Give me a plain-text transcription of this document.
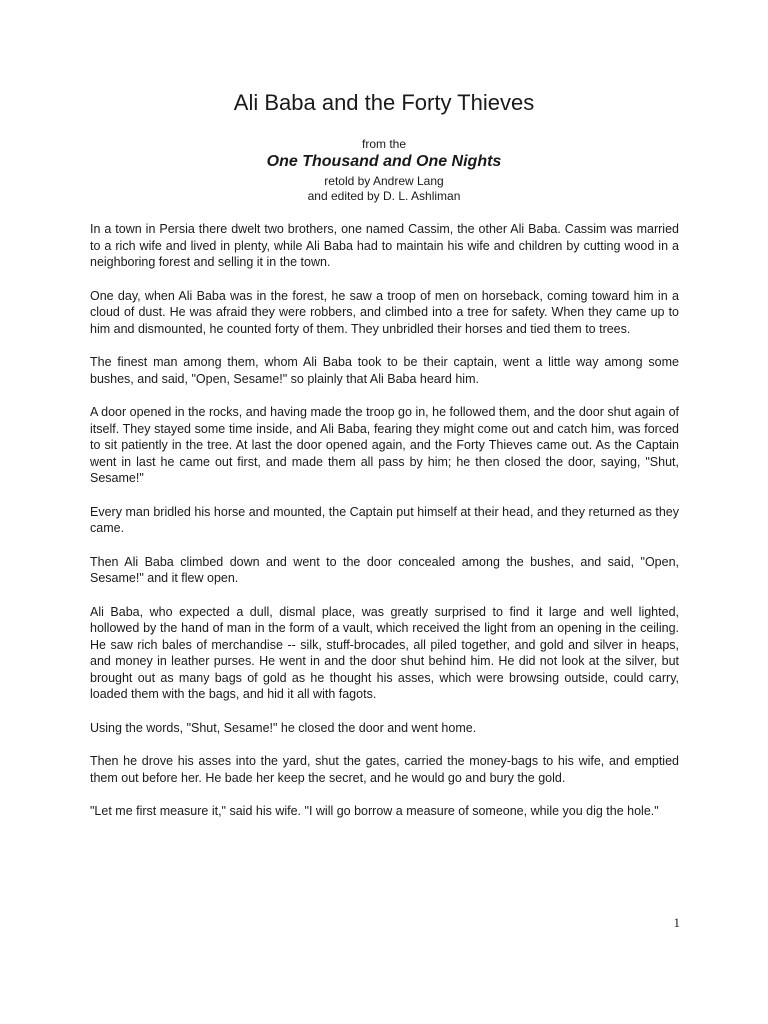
Ali Baba and the Forty Thieves
from the
One Thousand and One Nights
retold by Andrew Lang
and edited by D. L. Ashliman

In a town in Persia there dwelt two brothers, one named Cassim, the other Ali Baba. Cassim was married to a rich wife and lived in plenty, while Ali Baba had to maintain his wife and children by cutting wood in a neighboring forest and selling it in the town.

One day, when Ali Baba was in the forest, he saw a troop of men on horseback, coming toward him in a cloud of dust. He was afraid they were robbers, and climbed into a tree for safety. When they came up to him and dismounted, he counted forty of them. They unbridled their horses and tied them to trees.

The finest man among them, whom Ali Baba took to be their captain, went a little way among some bushes, and said, "Open, Sesame!" so plainly that Ali Baba heard him.

A door opened in the rocks, and having made the troop go in, he followed them, and the door shut again of itself. They stayed some time inside, and Ali Baba, fearing they might come out and catch him, was forced to sit patiently in the tree. At last the door opened again, and the Forty Thieves came out. As the Captain went in last he came out first, and made them all pass by him; he then closed the door, saying, "Shut, Sesame!"

Every man bridled his horse and mounted, the Captain put himself at their head, and they returned as they came.

Then Ali Baba climbed down and went to the door concealed among the bushes, and said, "Open, Sesame!" and it flew open.

Ali Baba, who expected a dull, dismal place, was greatly surprised to find it large and well lighted, hollowed by the hand of man in the form of a vault, which received the light from an opening in the ceiling. He saw rich bales of merchandise -- silk, stuff-brocades, all piled together, and gold and silver in heaps, and money in leather purses. He went in and the door shut behind him. He did not look at the silver, but brought out as many bags of gold as he thought his asses, which were browsing outside, could carry, loaded them with the bags, and hid it all with fagots.

Using the words, "Shut, Sesame!" he closed the door and went home.

Then he drove his asses into the yard, shut the gates, carried the money-bags to his wife, and emptied them out before her. He bade her keep the secret, and he would go and bury the gold.

"Let me first measure it," said his wife. "I will go borrow a measure of someone, while you dig the hole."

1
